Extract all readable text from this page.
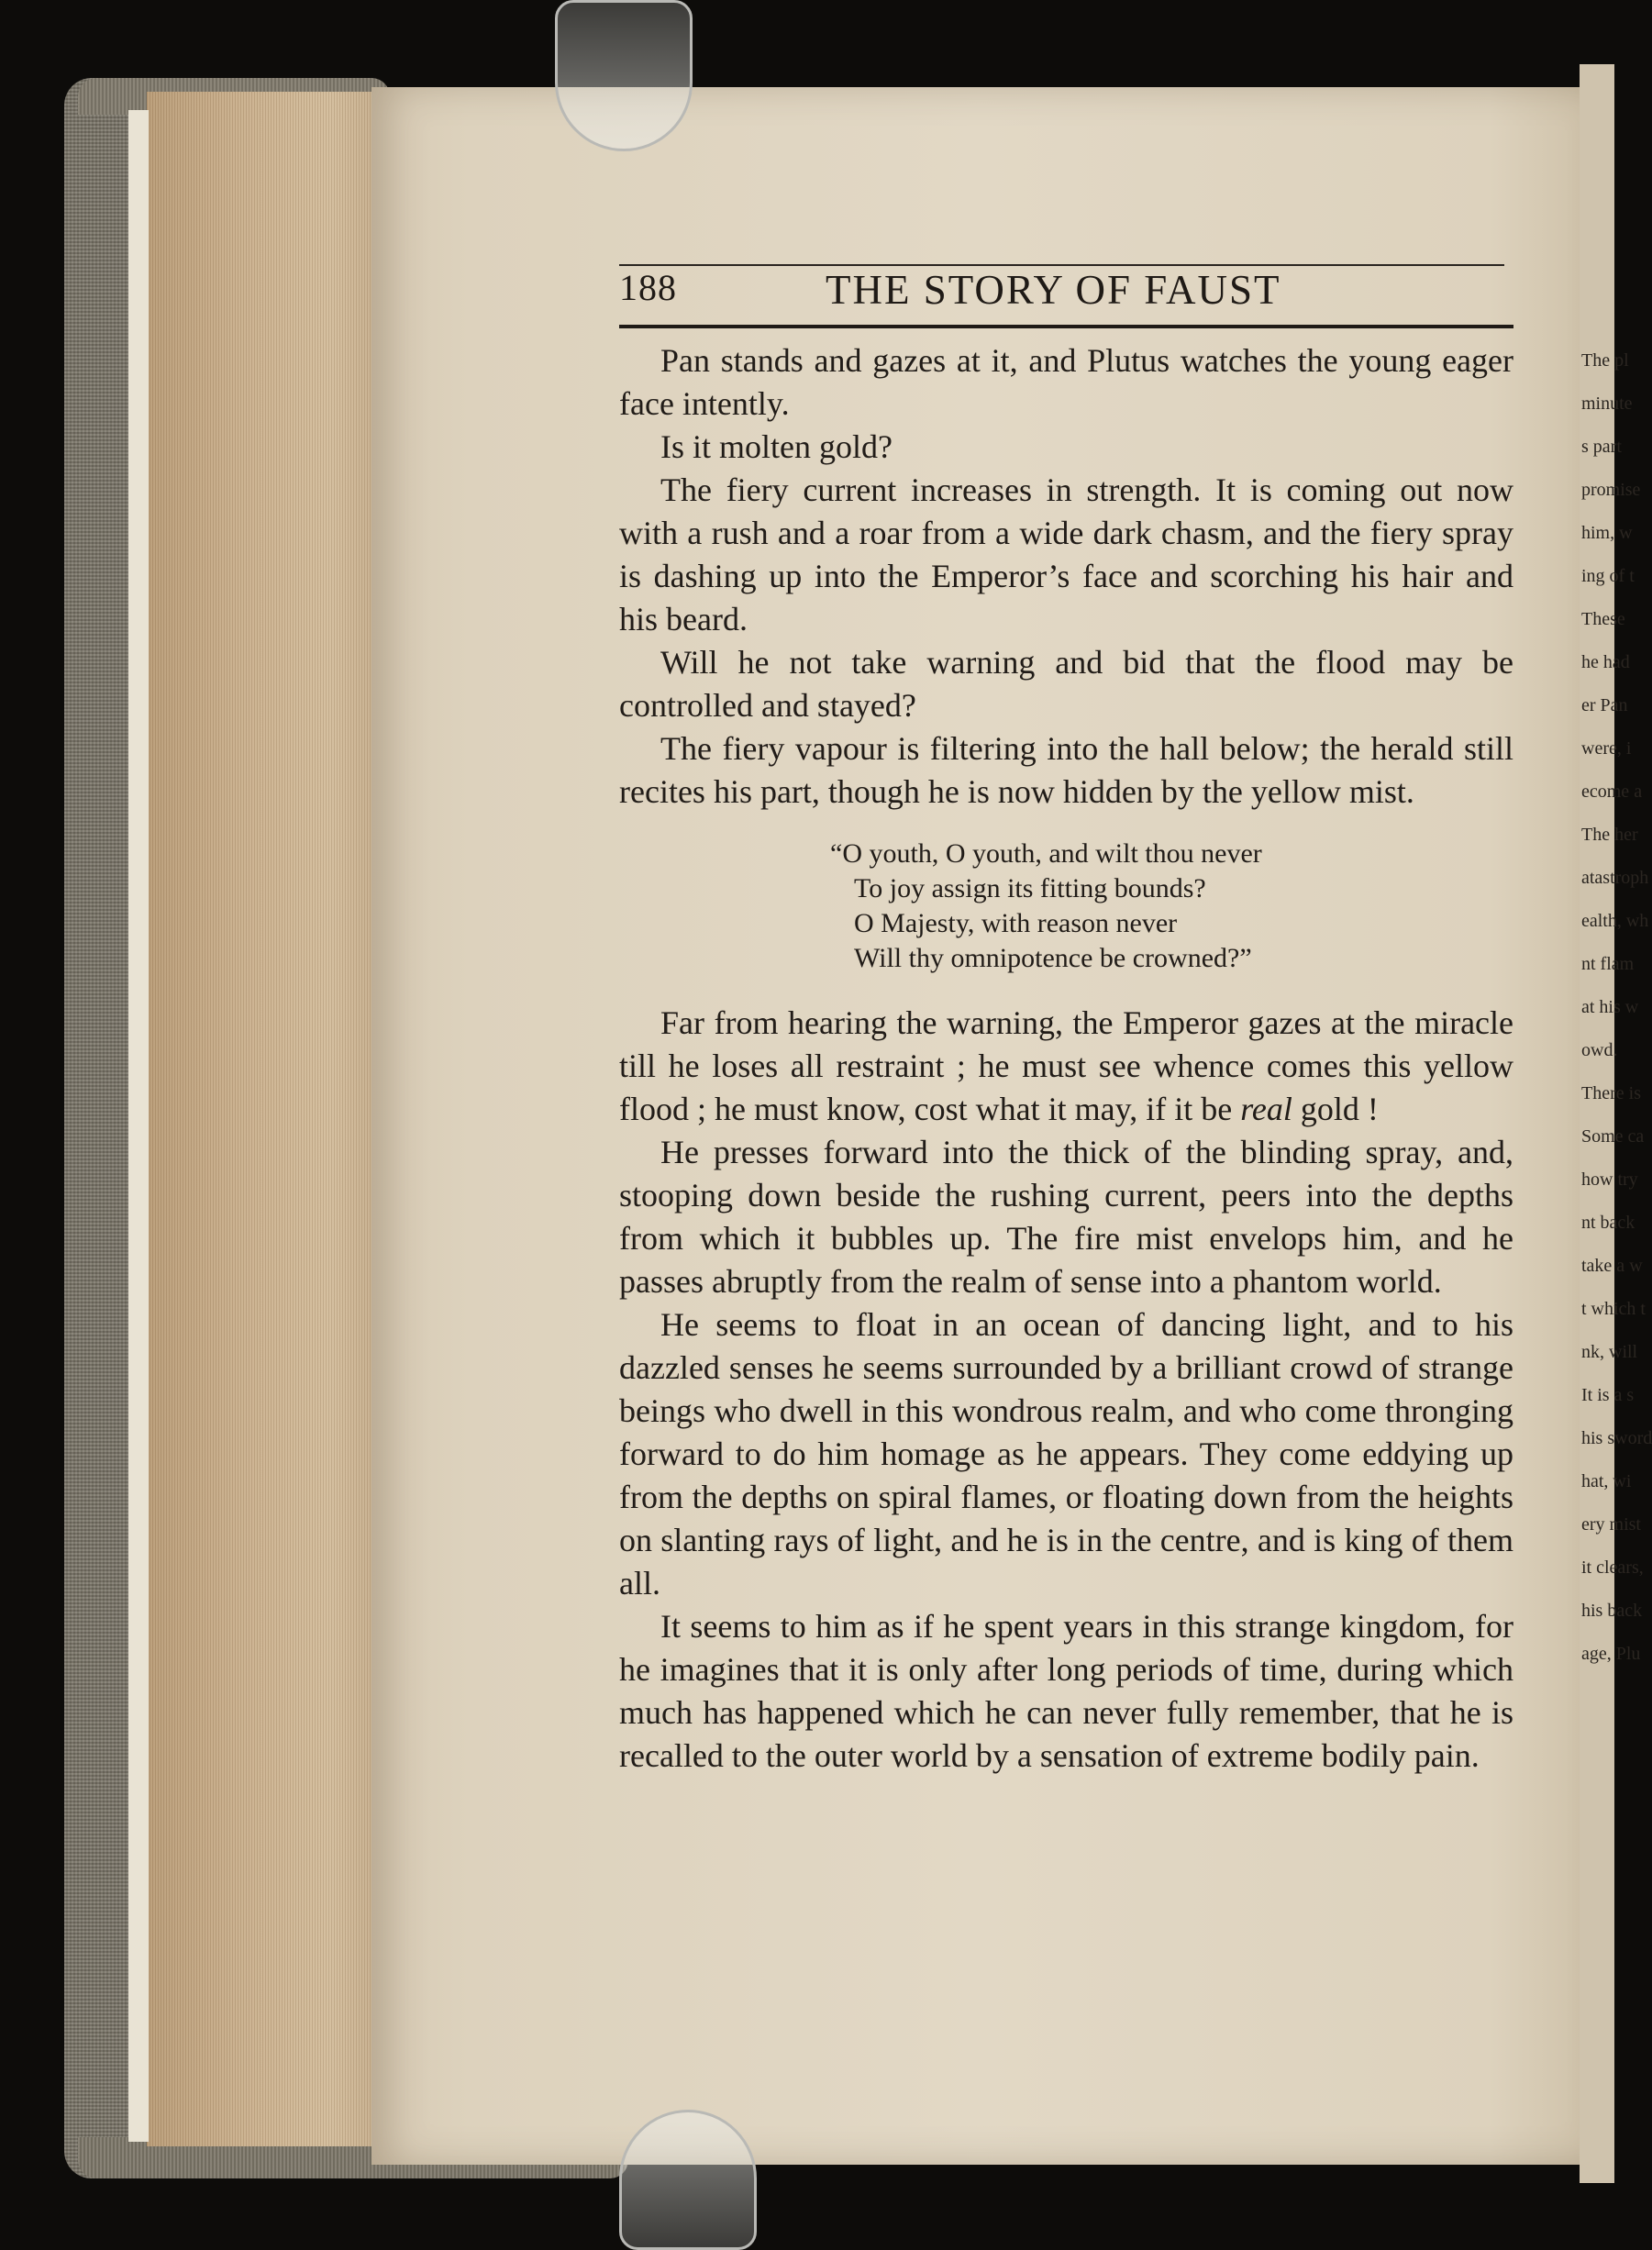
The pl
minute
s part
promise
him, w
ing of t
These
he had
er Pan
were, i
ecome a
The her
atastroph
ealth, wh
nt flam
at his w
owd.
There is
Some ca
how try
nt back
take a w
t which t
nk, will
It is a s
his sword
hat, wi
ery mist
it clears,
his back
age, Plu
188	THE STORY OF FAUST

Pan stands and gazes at it, and Plutus watches the young eager face intently.

Is it molten gold?

The fiery current increases in strength. It is coming out now with a rush and a roar from a wide dark chasm, and the fiery spray is dashing up into the Emperor’s face and scorching his hair and his beard.

Will he not take warning and bid that the flood may be controlled and stayed?

The fiery vapour is filtering into the hall below; the herald still recites his part, though he is now hidden by the yellow mist.

“O youth, O youth, and wilt thou never
To joy assign its fitting bounds?
O Majesty, with reason never
Will thy omnipotence be crowned?”

Far from hearing the warning, the Emperor gazes at the miracle till he loses all restraint ; he must see whence comes this yellow flood ; he must know, cost what it may, if it be real gold !

He presses forward into the thick of the blinding spray, and, stooping down beside the rushing current, peers into the depths from which it bubbles up. The fire mist envelops him, and he passes abruptly from the realm of sense into a phantom world.

He seems to float in an ocean of dancing light, and to his dazzled senses he seems surrounded by a brilliant crowd of strange beings who dwell in this wondrous realm, and who come thronging forward to do him homage as he appears. They come eddying up from the depths on spiral flames, or floating down from the heights on slanting rays of light, and he is in the centre, and is king of them all.

It seems to him as if he spent years in this strange kingdom, for he imagines that it is only after long periods of time, during which much has happened which he can never fully remember, that he is recalled to the outer world by a sensation of extreme bodily pain.
